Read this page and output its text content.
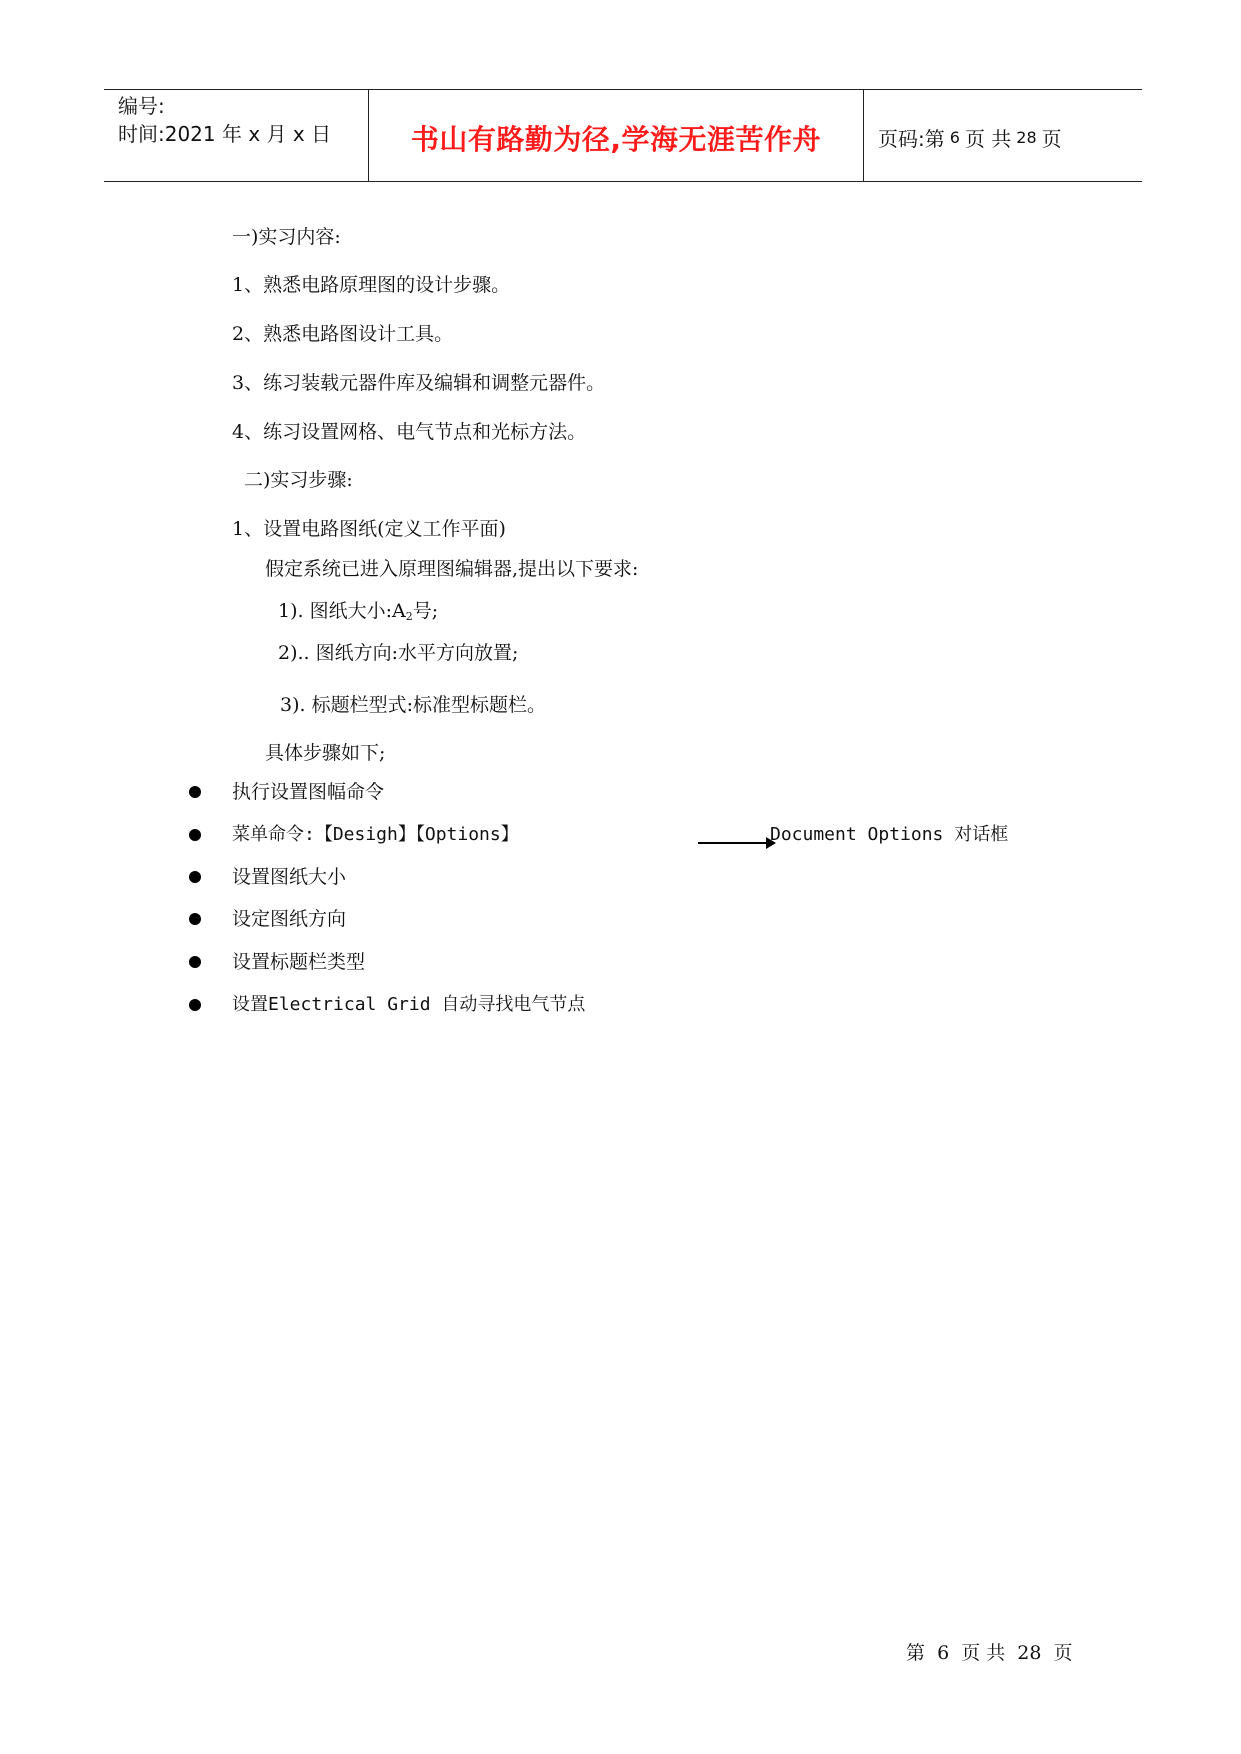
编号:
时间:2021 年 x 月 x 日	书山有路勤为径,学海无涯苦作舟	页码:第 6 页 共 28 页
一)实习内容:
1、熟悉电路原理图的设计步骤。
2、熟悉电路图设计工具。
3、练习装载元器件库及编辑和调整元器件。
4、练习设置网格、电气节点和光标方法。
二)实习步骤:
1、设置电路图纸(定义工作平面)
假定系统已进入原理图编辑器,提出以下要求:
1). 图纸大小$:A_2$号;
2).. 图纸方向:水平方向放置;
3). 标题栏型式:标准型标题栏。
具体步骤如下;
执行设置图幅命令
菜单命令:【Desigh】【Options】	Document Options 对话框
设置图纸大小
设定图纸方向
设置标题栏类型
设置Electrical Grid 自动寻找电气节点
第 6 页 共 28 页
